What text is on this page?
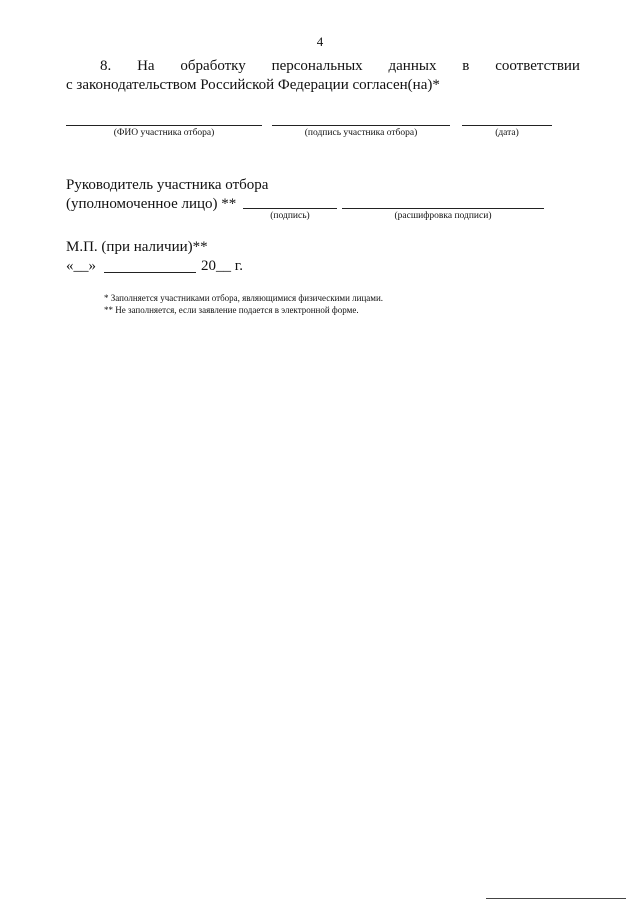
4
8. На обработку персональных данных в соответствии
с законодательством Российской Федерации согласен(на)*
(ФИО участника отбора)	(подпись участника отбора)	(дата)
Руководитель участника отбора
(уполномоченное лицо) **
(подпись)	(расшифровка подписи)
М.П. (при наличии)**
«__»	20__ г.
* Заполняется участниками отбора, являющимися физическими лицами.
** Не заполняется, если заявление подается в электронной форме.
